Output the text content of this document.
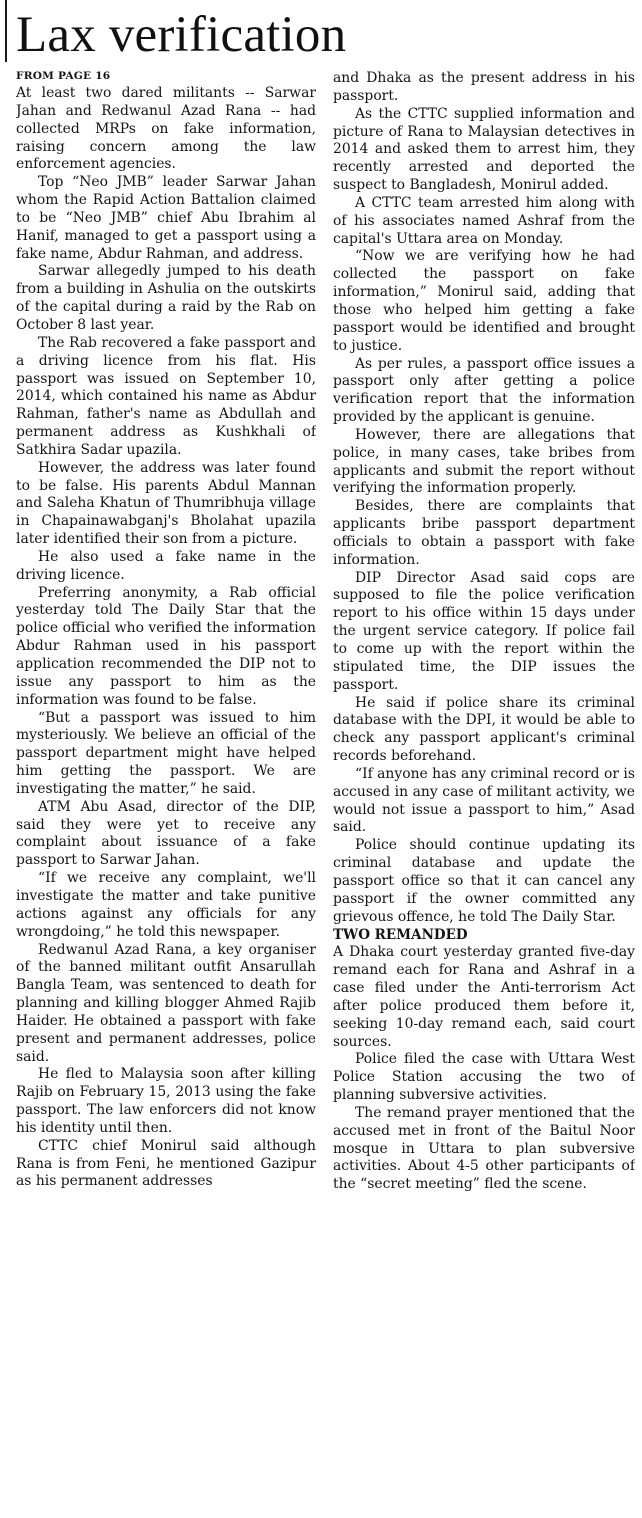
Lax verification
FROM PAGE 16

At least two dared militants -- Sarwar Jahan and Redwanul Azad Rana -- had collected MRPs on fake information, raising concern among the law enforcement agencies.

Top “Neo JMB” leader Sarwar Jahan whom the Rapid Action Battalion claimed to be “Neo JMB” chief Abu Ibrahim al Hanif, managed to get a passport using a fake name, Abdur Rahman, and address.

Sarwar allegedly jumped to his death from a building in Ashulia on the outskirts of the capital during a raid by the Rab on October 8 last year.

The Rab recovered a fake passport and a driving licence from his flat. His passport was issued on September 10, 2014, which contained his name as Abdur Rahman, father's name as Abdullah and permanent address as Kushkhali of Satkhira Sadar upazila.

However, the address was later found to be false. His parents Abdul Mannan and Saleha Khatun of Thumribhuja village in Chapainawabganj's Bholahat upazila later identified their son from a picture.

He also used a fake name in the driving licence.

Preferring anonymity, a Rab official yesterday told The Daily Star that the police official who verified the information Abdur Rahman used in his passport application recommended the DIP not to issue any passport to him as the information was found to be false.

“But a passport was issued to him mysteriously. We believe an official of the passport department might have helped him getting the passport. We are investigating the matter,” he said.

ATM Abu Asad, director of the DIP, said they were yet to receive any complaint about issuance of a fake passport to Sarwar Jahan.

“If we receive any complaint, we'll investigate the matter and take punitive actions against any officials for any wrongdoing,” he told this newspaper.

Redwanul Azad Rana, a key organiser of the banned militant outfit Ansarullah Bangla Team, was sentenced to death for planning and killing blogger Ahmed Rajib Haider. He obtained a passport with fake present and permanent addresses, police said.

He fled to Malaysia soon after killing Rajib on February 15, 2013 using the fake passport. The law enforcers did not know his identity until then.

CTTC chief Monirul said although Rana is from Feni, he mentioned Gazipur as his permanent addresses

and Dhaka as the present address in his passport.

As the CTTC supplied information and picture of Rana to Malaysian detectives in 2014 and asked them to arrest him, they recently arrested and deported the suspect to Bangladesh, Monirul added.

A CTTC team arrested him along with of his associates named Ashraf from the capital's Uttara area on Monday.

“Now we are verifying how he had collected the passport on fake information,” Monirul said, adding that those who helped him getting a fake passport would be identified and brought to justice.

As per rules, a passport office issues a passport only after getting a police verification report that the information provided by the applicant is genuine.

However, there are allegations that police, in many cases, take bribes from applicants and submit the report without verifying the information properly.

Besides, there are complaints that applicants bribe passport department officials to obtain a passport with fake information.

DIP Director Asad said cops are supposed to file the police verification report to his office within 15 days under the urgent service category. If police fail to come up with the report within the stipulated time, the DIP issues the passport.

He said if police share its criminal database with the DPI, it would be able to check any passport applicant's criminal records beforehand.

“If anyone has any criminal record or is accused in any case of militant activity, we would not issue a passport to him,” Asad said.

Police should continue updating its criminal database and update the passport office so that it can cancel any passport if the owner committed any grievous offence, he told The Daily Star.

TWO REMANDED

A Dhaka court yesterday granted five-day remand each for Rana and Ashraf in a case filed under the Anti-terrorism Act after police produced them before it, seeking 10-day remand each, said court sources.

Police filed the case with Uttara West Police Station accusing the two of planning subversive activities.

The remand prayer mentioned that the accused met in front of the Baitul Noor mosque in Uttara to plan subversive activities. About 4-5 other participants of the “secret meeting” fled the scene.
